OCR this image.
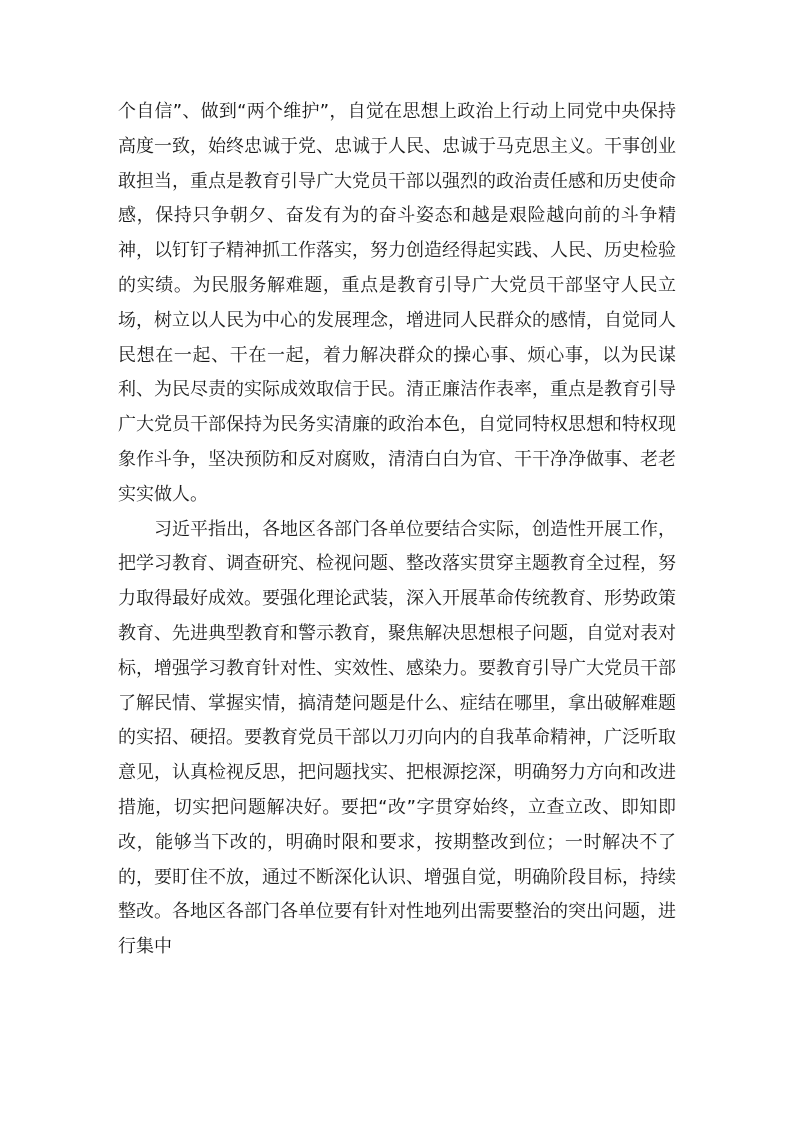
个自信”、做到“两个维护”，自觉在思想上政治上行动上同党中央保持高度一致，始终忠诚于党、忠诚于人民、忠诚于马克思主义。干事创业敢担当，重点是教育引导广大党员干部以强烈的政治责任感和历史使命感，保持只争朝夕、奋发有为的奋斗姿态和越是艰险越向前的斗争精神，以钉钉子精神抓工作落实，努力创造经得起实践、人民、历史检验的实绩。为民服务解难题，重点是教育引导广大党员干部坚守人民立场，树立以人民为中心的发展理念，增进同人民群众的感情，自觉同人民想在一起、干在一起，着力解决群众的操心事、烦心事，以为民谋利、为民尽责的实际成效取信于民。清正廉洁作表率，重点是教育引导广大党员干部保持为民务实清廉的政治本色，自觉同特权思想和特权现象作斗争，坚决预防和反对腐败，清清白白为官、干干净净做事、老老实实做人。

习近平指出，各地区各部门各单位要结合实际，创造性开展工作，把学习教育、调查研究、检视问题、整改落实贯穿主题教育全过程，努力取得最好成效。要强化理论武装，深入开展革命传统教育、形势政策教育、先进典型教育和警示教育，聚焦解决思想根子问题，自觉对表对标，增强学习教育针对性、实效性、感染力。要教育引导广大党员干部了解民情、掌握实情，搞清楚问题是什么、症结在哪里，拿出破解难题的实招、硬招。要教育党员干部以刀刃向内的自我革命精神，广泛听取意见，认真检视反思，把问题找实、把根源挖深，明确努力方向和改进措施，切实把问题解决好。要把“改”字贯穿始终，立查立改、即知即改，能够当下改的，明确时限和要求，按期整改到位；一时解决不了的，要盯住不放，通过不断深化认识、增强自觉，明确阶段目标，持续整改。各地区各部门各单位要有针对性地列出需要整治的突出问题，进行集中
